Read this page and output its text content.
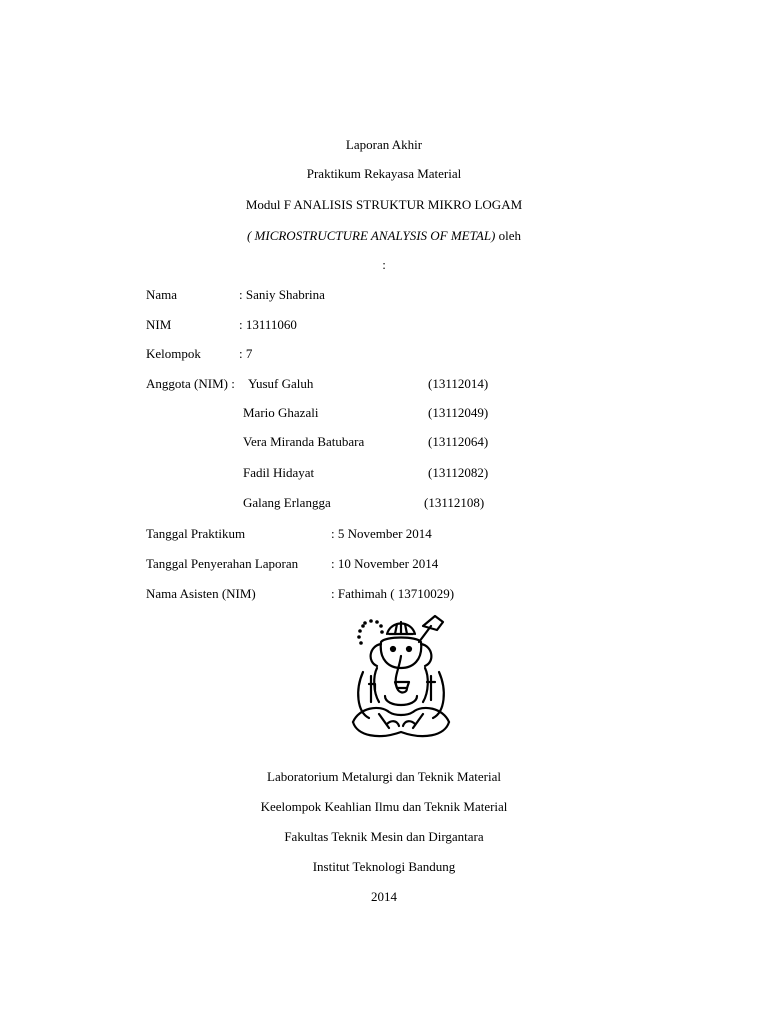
Laporan Akhir
Praktikum Rekayasa Material
Modul F ANALISIS STRUKTUR MIKRO LOGAM
( MICROSTRUCTURE ANALYSIS OF METAL) oleh
:
Nama	: Saniy Shabrina
NIM	: 13111060
Kelompok	: 7
Anggota (NIM) : Yusuf Galuh	(13112014)
Mario Ghazali	(13112049)
Vera Miranda Batubara	(13112064)
Fadil Hidayat	(13112082)
Galang Erlangga	(13112108)
Tanggal Praktikum	: 5 November 2014
Tanggal Penyerahan Laporan	: 10 November 2014
Nama Asisten (NIM)	: Fathimah ( 13710029)
Laboratorium Metalurgi dan Teknik Material
Keelompok Keahlian Ilmu dan Teknik Material
Fakultas Teknik Mesin dan Dirgantara
Institut Teknologi Bandung
2014
